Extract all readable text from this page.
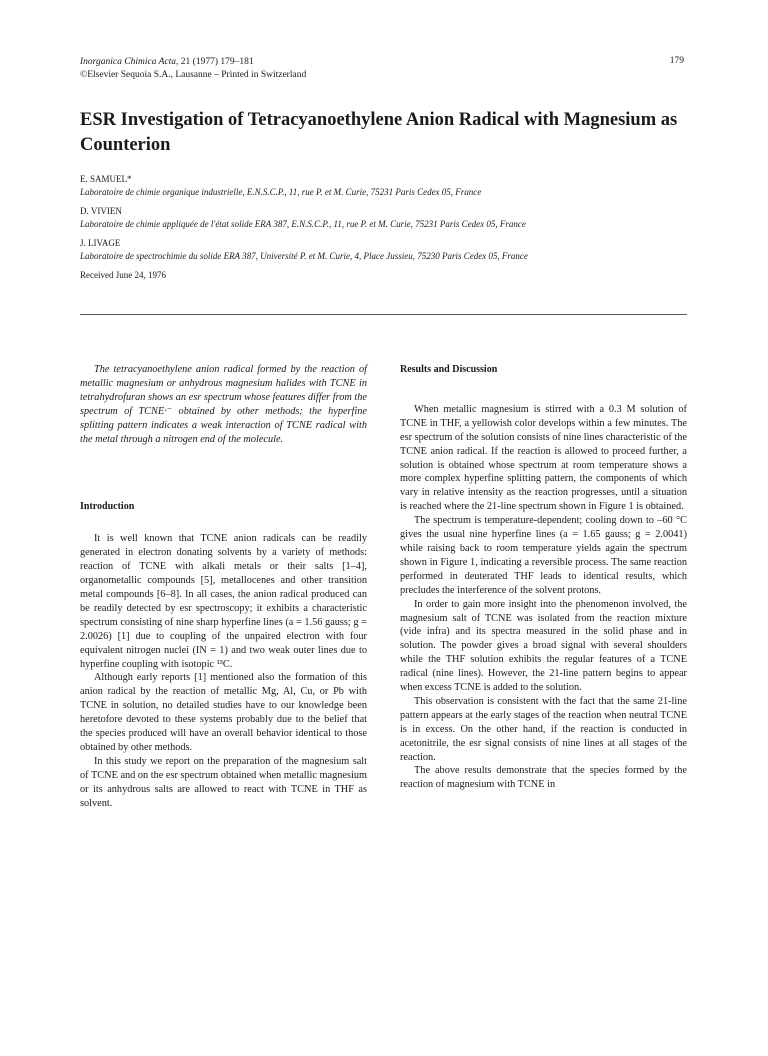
Inorganica Chimica Acta, 21 (1977) 179–181
©Elsevier Sequoia S.A., Lausanne – Printed in Switzerland
179
ESR Investigation of Tetracyanoethylene Anion Radical with Magnesium as Counterion
E. SAMUEL*
Laboratoire de chimie organique industrielle, E.N.S.C.P., 11, rue P. et M. Curie, 75231 Paris Cedex 05, France
D. VIVIEN
Laboratoire de chimie appliquée de l'état solide ERA 387, E.N.S.C.P., 11, rue P. et M. Curie, 75231 Paris Cedex 05, France
J. LIVAGE
Laboratoire de spectrochimie du solide ERA 387, Université P. et M. Curie, 4, Place Jussieu, 75230 Paris Cedex 05, France
Received June 24, 1976

The tetracyanoethylene anion radical formed by the reaction of metallic magnesium or anhydrous magnesium halides with TCNE in tetrahydrofuran shows an esr spectrum whose features differ from the spectrum of TCNE·⁻ obtained by other methods; the hyperfine splitting pattern indicates a weak interaction of TCNE radical with the metal through a nitrogen end of the molecule.

Introduction

It is well known that TCNE anion radicals can be readily generated in electron donating solvents by a variety of methods: reaction of TCNE with alkali metals or their salts [1–4], organometallic compounds [5], metallocenes and other transition metal compounds [6–8]. In all cases, the anion radical produced can be readily detected by esr spectroscopy; it exhibits a characteristic spectrum consisting of nine sharp hyperfine lines (a = 1.56 gauss; g = 2.0026) [1] due to coupling of the unpaired electron with four equivalent nitrogen nuclei (IN = 1) and two weak outer lines due to hyperfine coupling with isotopic ¹³C.

Although early reports [1] mentioned also the formation of this anion radical by the reaction of metallic Mg, Al, Cu, or Pb with TCNE in solution, no detailed studies have to our knowledge been heretofore devoted to these systems probably due to the belief that the species produced will have an overall behavior identical to those obtained by other methods.

In this study we report on the preparation of the magnesium salt of TCNE and on the esr spectrum obtained when metallic magnesium or its anhydrous salts are allowed to react with TCNE in THF as solvent.

Results and Discussion

When metallic magnesium is stirred with a 0.3 M solution of TCNE in THF, a yellowish color develops within a few minutes. The esr spectrum of the solution consists of nine lines characteristic of the TCNE anion radical. If the reaction is allowed to proceed further, a solution is obtained whose spectrum at room temperature shows a more complex hyperfine splitting pattern, the components of which vary in relative intensity as the reaction progresses, until a situation is reached where the 21-line spectrum shown in Figure 1 is obtained.

The spectrum is temperature-dependent; cooling down to –60 °C gives the usual nine hyperfine lines (a = 1.65 gauss; g = 2.0041) while raising back to room temperature yields again the spectrum shown in Figure 1, indicating a reversible process. The same reaction performed in deuterated THF leads to identical results, which precludes the interference of the solvent protons.

In order to gain more insight into the phenomenon involved, the magnesium salt of TCNE was isolated from the reaction mixture (vide infra) and its spectra measured in the solid phase and in solution. The powder gives a broad signal with several shoulders while the THF solution exhibits the regular features of a TCNE radical (nine lines). However, the 21-line pattern begins to appear when excess TCNE is added to the solution.

This observation is consistent with the fact that the same 21-line pattern appears at the early stages of the reaction when neutral TCNE is in excess. On the other hand, if the reaction is conducted in acetonitrile, the esr signal consists of nine lines at all stages of the reaction.

The above results demonstrate that the species formed by the reaction of magnesium with TCNE in
